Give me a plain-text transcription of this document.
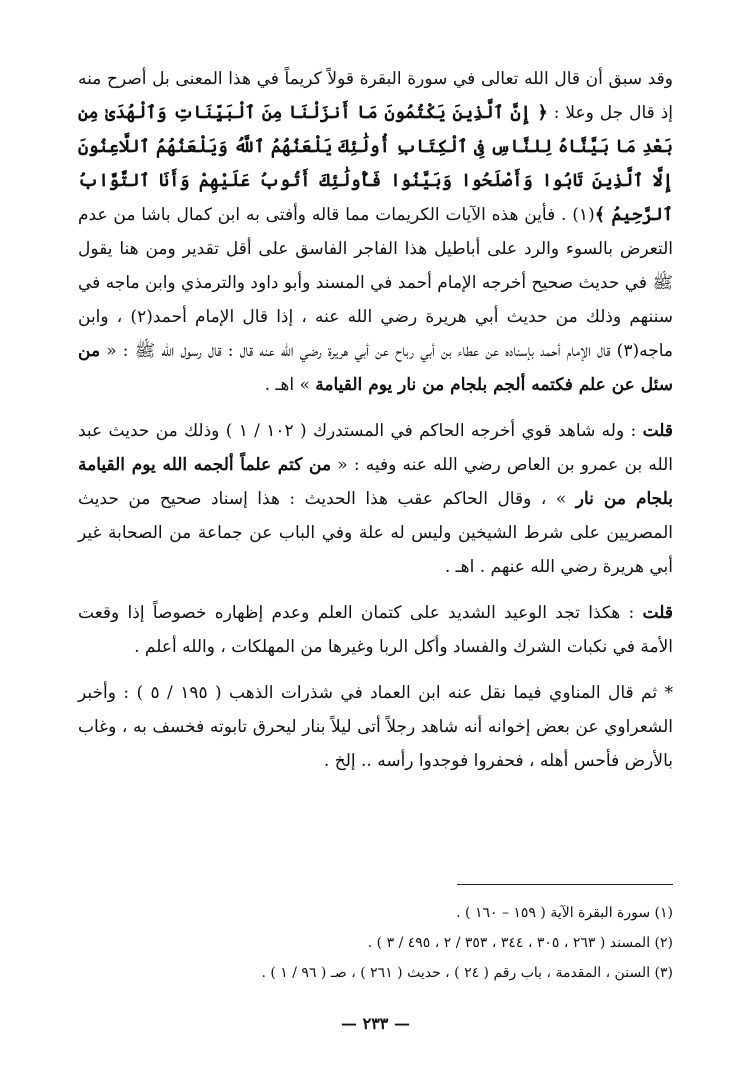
وقد سبق أن قال الله تعالى في سورة البقرة قولاً كريماً في هذا المعنى بل أصرح منه إذ قال جل وعلا : ﴿ إِنَّ ٱلَّذِينَ يَكْتُمُونَ مَا أَنزَلْنَا مِنَ ٱلْبَيِّنَاتِ وَٱلْهُدَىٰ مِن بَعْدِ مَا بَيَّنَّاهُ لِلنَّاسِ فِى ٱلْكِتَابِ أُولَٰئِكَ يَلْعَنُهُمُ ٱللَّهُ وَيَلْعَنُهُمُ ٱللَّاعِنُونَ إِلَّا ٱلَّذِينَ تَابُوا وَأَصْلَحُوا وَبَيَّنُوا فَأُولَٰئِكَ أَتُوبُ عَلَيْهِمْ وَأَنَا ٱلتَّوَّابُ ٱلرَّحِيمُ ﴾(١) . فأين هذه الآيات الكريمات مما قاله وأفتى به ابن كمال باشا من عدم التعرض بالسوء والرد على أباطيل هذا الفاجر الفاسق على أقل تقدير ومن هنا يقول ﷺ في حديث صحيح أخرجه الإمام أحمد في المسند وأبو داود والترمذي وابن ماجه في سننهم وذلك من حديث أبي هريرة رضي الله عنه ، إذا قال الإمام أحمد(٢) ، وابن ماجه(٣) قال الإمام أحمد بإسناده عن عطاء بن أبي رباح عن أبي هريرة رضي الله عنه قال : قال رسول الله ﷺ : « من سئل عن علم فكتمه ألجم بلجام من نار يوم القيامة » اهـ .

قلت : وله شاهد قوي أخرجه الحاكم في المستدرك ( ١٠٢ / ١ ) وذلك من حديث عبد الله بن عمرو بن العاص رضي الله عنه وفيه : « من كتم علماً ألجمه الله يوم القيامة بلجام من نار » ، وقال الحاكم عقب هذا الحديث : هذا إسناد صحيح من حديث المصريين على شرط الشيخين وليس له علة وفي الباب عن جماعة من الصحابة غير أبي هريرة رضي الله عنهم . اهـ .

قلت : هكذا تجد الوعيد الشديد على كتمان العلم وعدم إظهاره خصوصاً إذا وقعت الأمة في نكبات الشرك والفساد وأكل الربا وغيرها من المهلكات ، والله أعلم .

* ثم قال المناوي فيما نقل عنه ابن العماد في شذرات الذهب ( ١٩٥ / ٥ ) : وأخبر الشعراوي عن بعض إخوانه أنه شاهد رجلاً أتى ليلاً بنار ليحرق تابوته فخسف به ، وغاب بالأرض فأحس أهله ، فحفروا فوجدوا رأسه .. إلخ .

(١) سورة البقرة الآية ( ١٥٩ – ١٦٠ ) .

(٢) المسند ( ٢٦٣ ، ٣٠٥ ، ٣٤٤ ، ٣٥٣ / ٢ ، ٤٩٥ / ٣ ) .

(٣) السنن ، المقدمة ، باب رقم ( ٢٤ ) ، حديث ( ٢٦١ ) ، صـ ( ٩٦ / ١ ) .

— ٢٣٣ —
